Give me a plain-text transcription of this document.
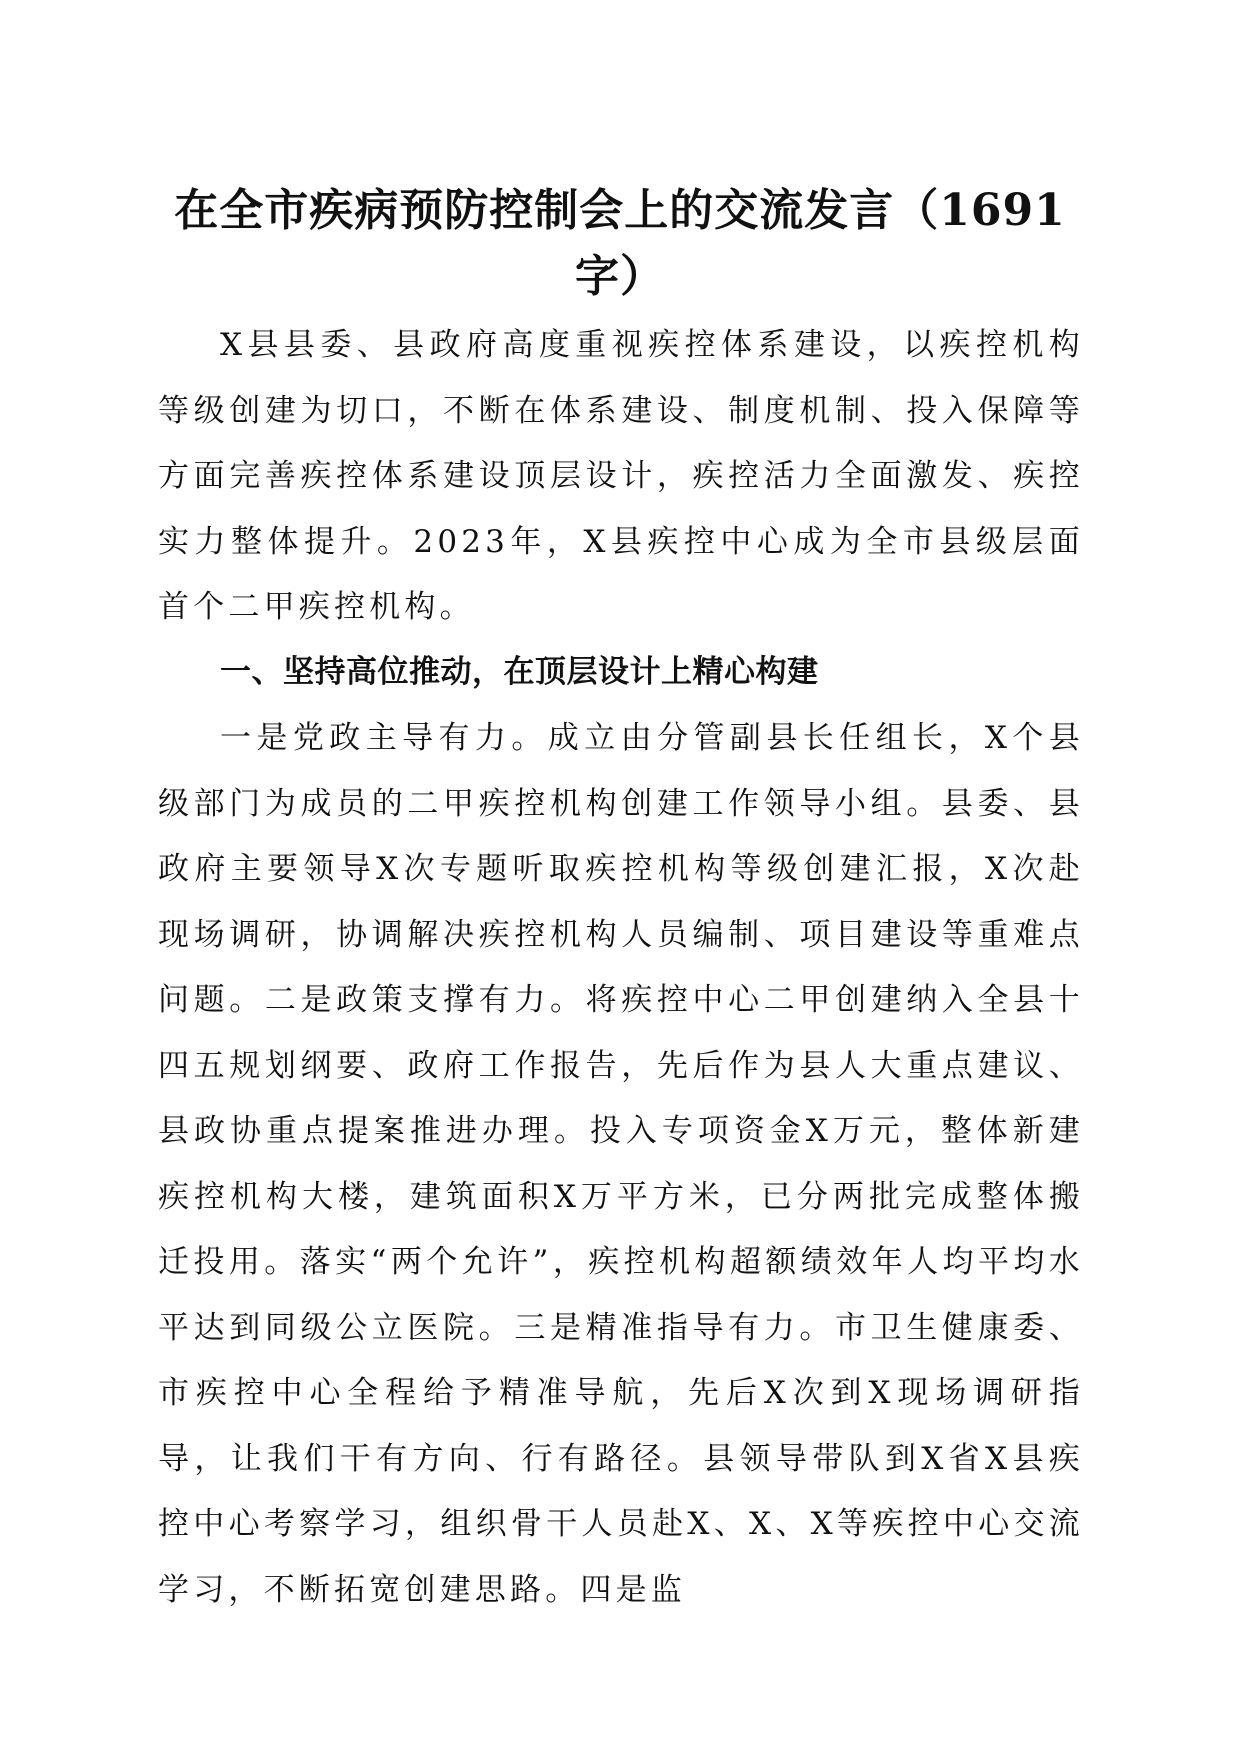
在全市疾病预防控制会上的交流发言（1691字）

X县县委、县政府高度重视疾控体系建设，以疾控机构等级创建为切口，不断在体系建设、制度机制、投入保障等方面完善疾控体系建设顶层设计，疾控活力全面激发、疾控实力整体提升。2023年，X县疾控中心成为全市县级层面首个二甲疾控机构。

一、坚持高位推动，在顶层设计上精心构建

一是党政主导有力。成立由分管副县长任组长，X个县级部门为成员的二甲疾控机构创建工作领导小组。县委、县政府主要领导X次专题听取疾控机构等级创建汇报，X次赴现场调研，协调解决疾控机构人员编制、项目建设等重难点问题。二是政策支撑有力。将疾控中心二甲创建纳入全县十四五规划纲要、政府工作报告，先后作为县人大重点建议、县政协重点提案推进办理。投入专项资金X万元，整体新建疾控机构大楼，建筑面积X万平方米，已分两批完成整体搬迁投用。落实“两个允许”，疾控机构超额绩效年人均平均水平达到同级公立医院。三是精准指导有力。市卫生健康委、市疾控中心全程给予精准导航，先后X次到X现场调研指导，让我们干有方向、行有路径。县领导带队到X省X县疾控中心考察学习，组织骨干人员赴X、X、X等疾控中心交流学习，不断拓宽创建思路。四是监
